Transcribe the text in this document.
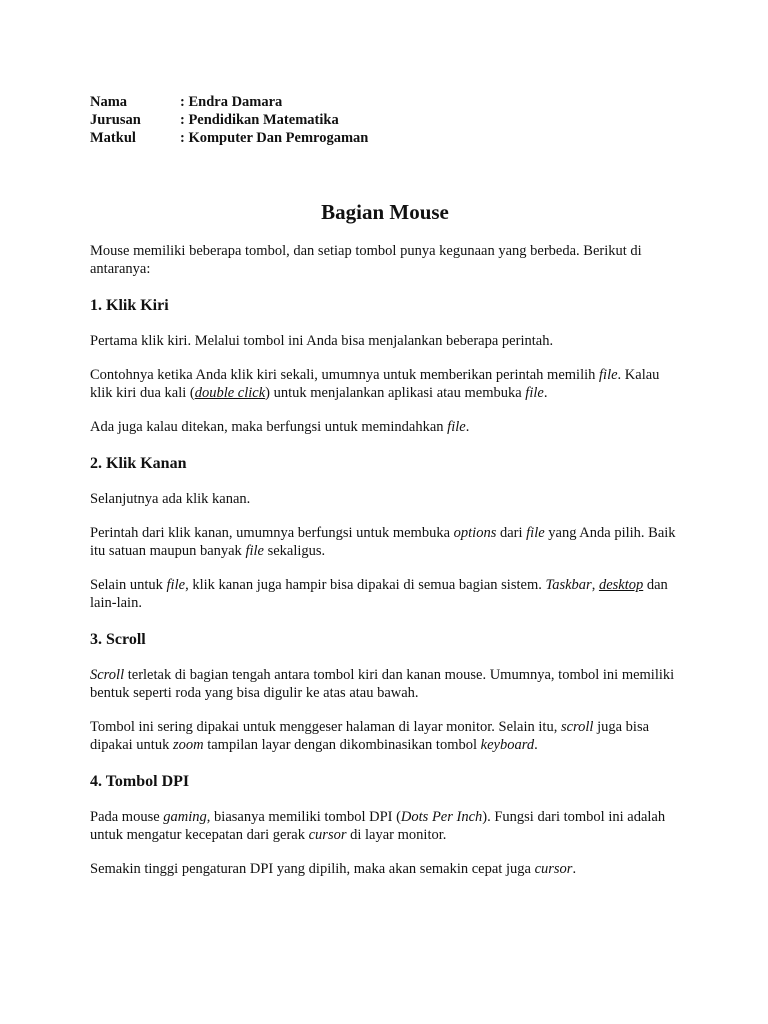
Nama	: Endra Damara
Jurusan	: Pendidikan Matematika
Matkul	: Komputer Dan Pemrogaman
Bagian Mouse

Mouse memiliki beberapa tombol, dan setiap tombol punya kegunaan yang berbeda. Berikut di antaranya:

1. Klik Kiri

Pertama klik kiri. Melalui tombol ini Anda bisa menjalankan beberapa perintah.

Contohnya ketika Anda klik kiri sekali, umumnya untuk memberikan perintah memilih file. Kalau klik kiri dua kali (double click) untuk menjalankan aplikasi atau membuka file.

Ada juga kalau ditekan, maka berfungsi untuk memindahkan file.

2. Klik Kanan

Selanjutnya ada klik kanan.

Perintah dari klik kanan, umumnya berfungsi untuk membuka options dari file yang Anda pilih. Baik itu satuan maupun banyak file sekaligus.

Selain untuk file, klik kanan juga hampir bisa dipakai di semua bagian sistem. Taskbar, desktop dan lain-lain.

3. Scroll

Scroll terletak di bagian tengah antara tombol kiri dan kanan mouse. Umumnya, tombol ini memiliki bentuk seperti roda yang bisa digulir ke atas atau bawah.

Tombol ini sering dipakai untuk menggeser halaman di layar monitor. Selain itu, scroll juga bisa dipakai untuk zoom tampilan layar dengan dikombinasikan tombol keyboard.

4. Tombol DPI

Pada mouse gaming, biasanya memiliki tombol DPI (Dots Per Inch). Fungsi dari tombol ini adalah untuk mengatur kecepatan dari gerak cursor di layar monitor.

Semakin tinggi pengaturan DPI yang dipilih, maka akan semakin cepat juga cursor.
